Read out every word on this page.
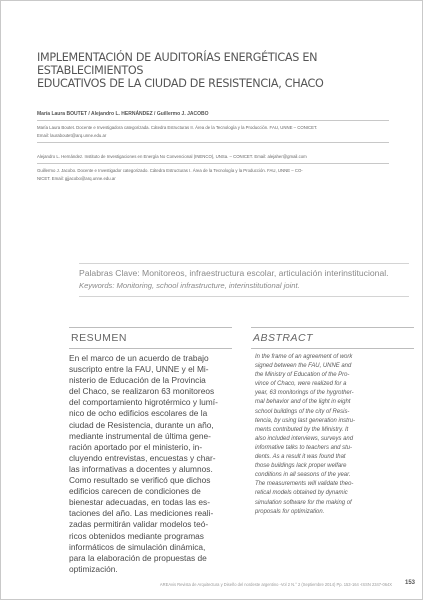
IMPLEMENTACIÓN DE AUDITORÍAS ENERGÉTICAS EN ESTABLECIMIENTOS
EDUCATIVOS DE LA CIUDAD DE RESISTENCIA, CHACO
María Laura BOUTET / Alejandro L. HERNÁNDEZ / Guillermo J. JACOBO
María Laura Boutet. Docente e Investigadora categorizada. Cátedra Estructuras II. Área de la Tecnología y la Producción. FAU, UNNE – CONICET.
Email: lauraboutet@arq.unne.edu.ar
Alejandro L. Hernández. Instituto de Investigaciones en Energía No Convencional (INENCO), UNSa. – CONICET. Email: alejaher@gmail.com
Guillermo J. Jacobo. Docente e Investigador categorizado. Cátedra Estructuras I. Área de la Tecnología y la Producción. FAU, UNNE – CO-
NICET. Email: gjjacobo@arq.unne.edu.ar
Palabras Clave: Monitoreos, infraestructura escolar, articulación interinstitucional.
Keywords: Monitoring, school infrastructure, interinstitutional joint.
RESUMEN	ABSTRACT
En el marco de un acuerdo de trabajo
suscripto entre la FAU, UNNE y el Mi-
nisterio de Educación de la Provincia
del Chaco, se realizaron 63 monitoreos
del comportamiento higrotérmico y lumí-
nico de ocho edificios escolares de la
ciudad de Resistencia, durante un año,
mediante instrumental de última gene-
ración aportado por el ministerio, in-
cluyendo entrevistas, encuestas y char-
las informativas a docentes y alumnos.
Como resultado se verificó que dichos
edificios carecen de condiciones de
bienestar adecuadas, en todas las es-
taciones del año. Las mediciones reali-
zadas permitirán validar modelos teó-
ricos obtenidos mediante programas
informáticos de simulación dinámica,
para la elaboración de propuestas de
optimización.
In the frame of an agreement of work
signed between the FAU, UNNE and
the Ministry of Education of the Pro-
vince of Chaco, were realized for a
year, 63 monitorings of the hygrother-
mal behavior and of the light in eight
school buildings of the city of Resis-
tencia, by using last generation instru-
ments contributed by the Ministry. It
also included interviews, surveys and
informative talks to teachers and stu-
dents. As a result it was found that
those buildings lack proper welfare
conditions in all seasons of the year.
The measurements will validate theo-
retical models obtained by dynamic
simulation software for the making of
proposals for optimization.
AREAvis Revista de Arquitectura y Diseño del nordeste argentino -Vol 2 N.° 2 (Septiembre 2014) Pp. 153-164 -ISSN 2347-064X 153
